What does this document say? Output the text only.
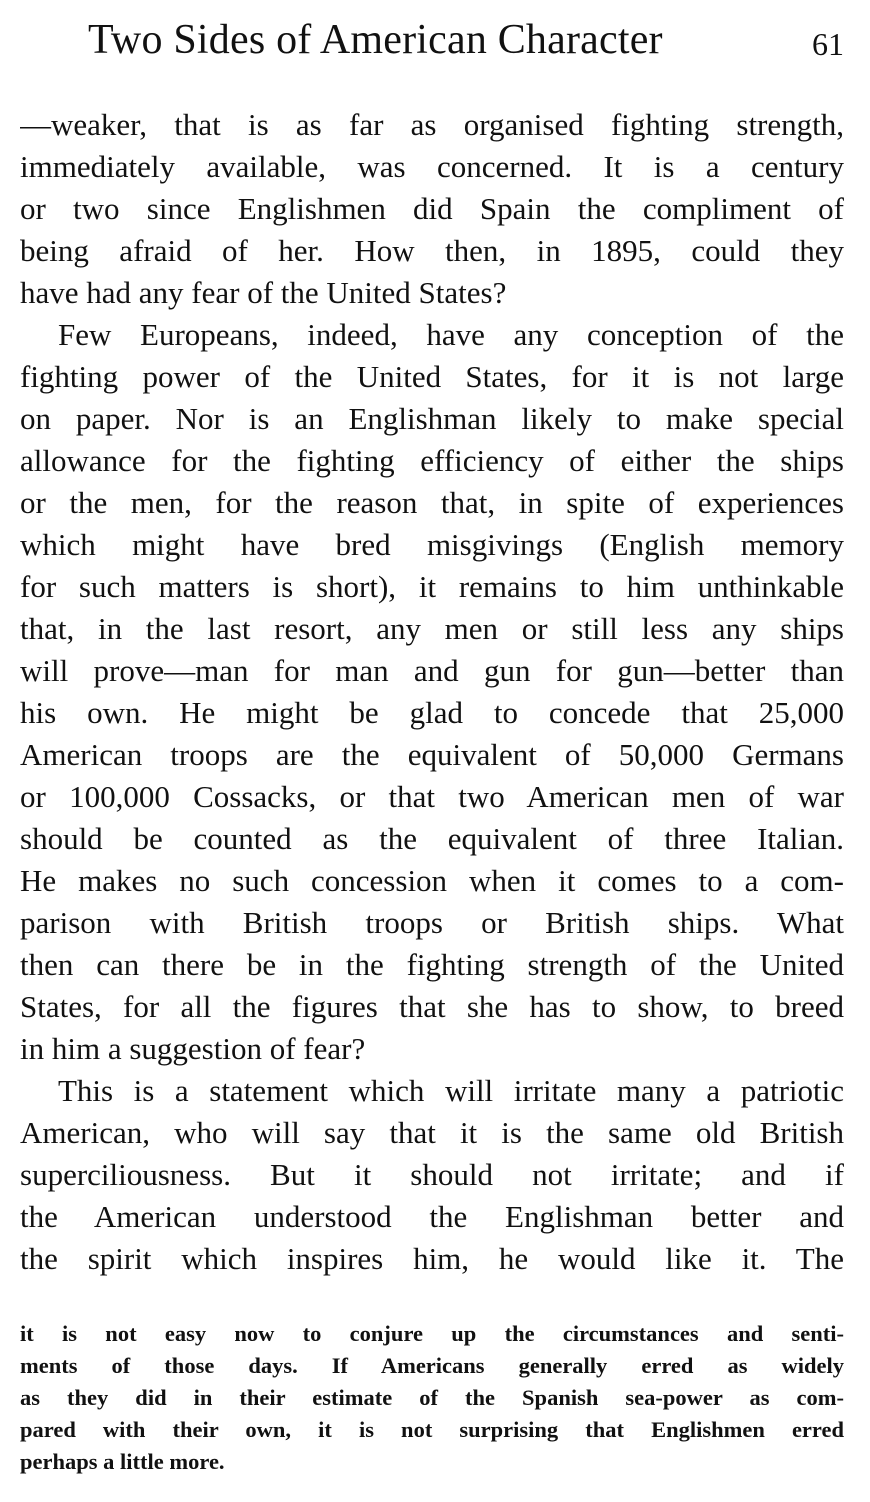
Two Sides of American Character	61
—weaker, that is as far as organised fighting strength,
immediately available, was concerned. It is a century
or two since Englishmen did Spain the compliment of
being afraid of her. How then, in 1895, could they
have had any fear of the United States?
Few Europeans, indeed, have any conception of the
fighting power of the United States, for it is not large
on paper. Nor is an Englishman likely to make special
allowance for the fighting efficiency of either the ships
or the men, for the reason that, in spite of experiences
which might have bred misgivings (English memory
for such matters is short), it remains to him unthinkable
that, in the last resort, any men or still less any ships
will prove—man for man and gun for gun—better than
his own. He might be glad to concede that 25,000
American troops are the equivalent of 50,000 Germans
or 100,000 Cossacks, or that two American men of war
should be counted as the equivalent of three Italian.
He makes no such concession when it comes to a com-
parison with British troops or British ships. What
then can there be in the fighting strength of the United
States, for all the figures that she has to show, to breed
in him a suggestion of fear?
This is a statement which will irritate many a patriotic
American, who will say that it is the same old British
superciliousness. But it should not irritate; and if
the American understood the Englishman better and
the spirit which inspires him, he would like it. The
it is not easy now to conjure up the circumstances and senti-
ments of those days. If Americans generally erred as widely
as they did in their estimate of the Spanish sea-power as com-
pared with their own, it is not surprising that Englishmen erred
perhaps a little more.
